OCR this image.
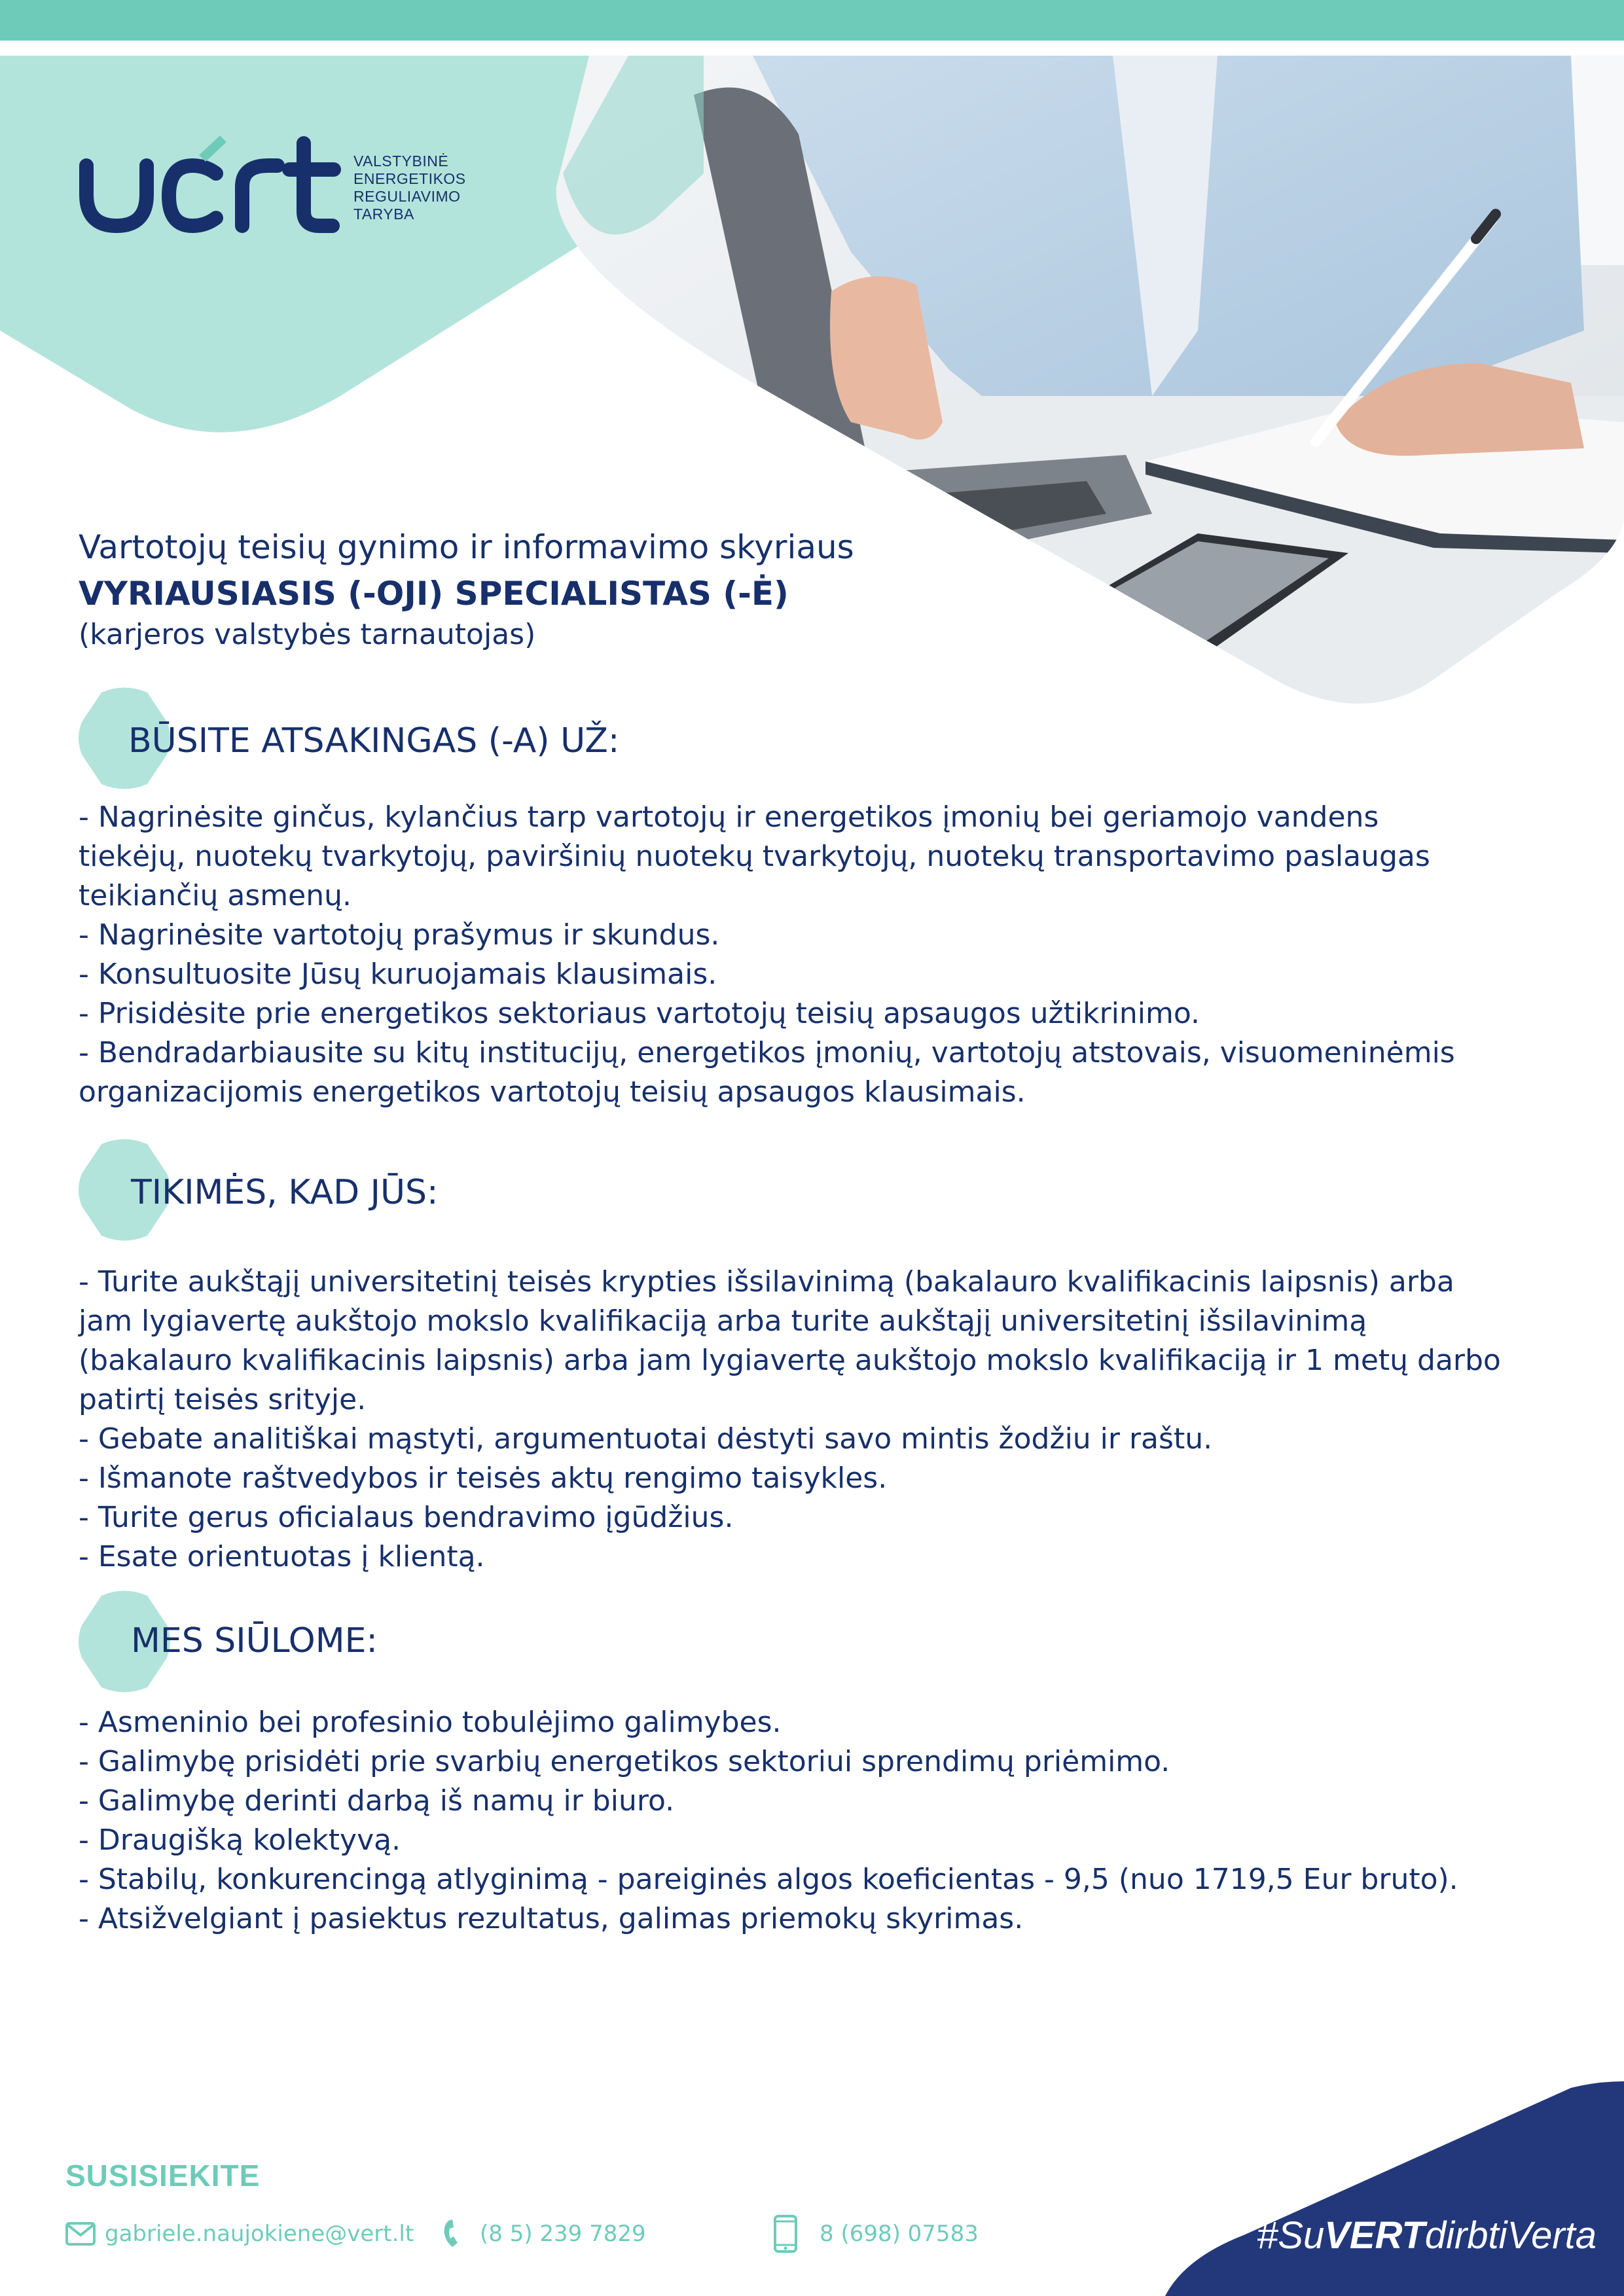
VALSTYBINĖ
ENERGETIKOS
REGULIAVIMO
TARYBA
Vartotojų teisių gynimo ir informavimo skyriaus
VYRIAUSIASIS (-OJI) SPECIALISTAS (-Ė)
(karjeros valstybės tarnautojas)
BŪSITE ATSAKINGAS (-A) UŽ:

- Nagrinėsite ginčus, kylančius tarp vartotojų ir energetikos įmonių bei geriamojo vandens

tiekėjų, nuotekų tvarkytojų, paviršinių nuotekų tvarkytojų, nuotekų transportavimo paslaugas

teikiančių asmenų.

- Nagrinėsite vartotojų prašymus ir skundus.

- Konsultuosite Jūsų kuruojamais klausimais.

- Prisidėsite prie energetikos sektoriaus vartotojų teisių apsaugos užtikrinimo.

- Bendradarbiausite su kitų institucijų, energetikos įmonių, vartotojų atstovais, visuomeninėmis

organizacijomis energetikos vartotojų teisių apsaugos klausimais.

TIKIMĖS, KAD JŪS:

- Turite aukštąjį universitetinį teisės krypties išsilavinimą (bakalauro kvalifikacinis laipsnis) arba

jam lygiavertę aukštojo mokslo kvalifikaciją arba turite aukštąjį universitetinį išsilavinimą

(bakalauro kvalifikacinis laipsnis) arba jam lygiavertę aukštojo mokslo kvalifikaciją ir 1 metų darbo

patirtį teisės srityje.

- Gebate analitiškai mąstyti, argumentuotai dėstyti savo mintis žodžiu ir raštu.

- Išmanote raštvedybos ir teisės aktų rengimo taisykles.

- Turite gerus oficialaus bendravimo įgūdžius.

- Esate orientuotas į klientą.

MES SIŪLOME:

- Asmeninio bei profesinio tobulėjimo galimybes.

- Galimybę prisidėti prie svarbių energetikos sektoriui sprendimų priėmimo.

- Galimybę derinti darbą iš namų ir biuro.

- Draugišką kolektyvą.

- Stabilų, konkurencingą atlyginimą - pareiginės algos koeficientas - 9,5 (nuo 1719,5 Eur bruto).

- Atsižvelgiant į pasiektus rezultatus, galimas priemokų skyrimas.

SUSISIEKITE
gabriele.naujokiene@vert.lt	(8 5) 239 7829	8 (698) 07583	#SuVERTdirbtiVerta
